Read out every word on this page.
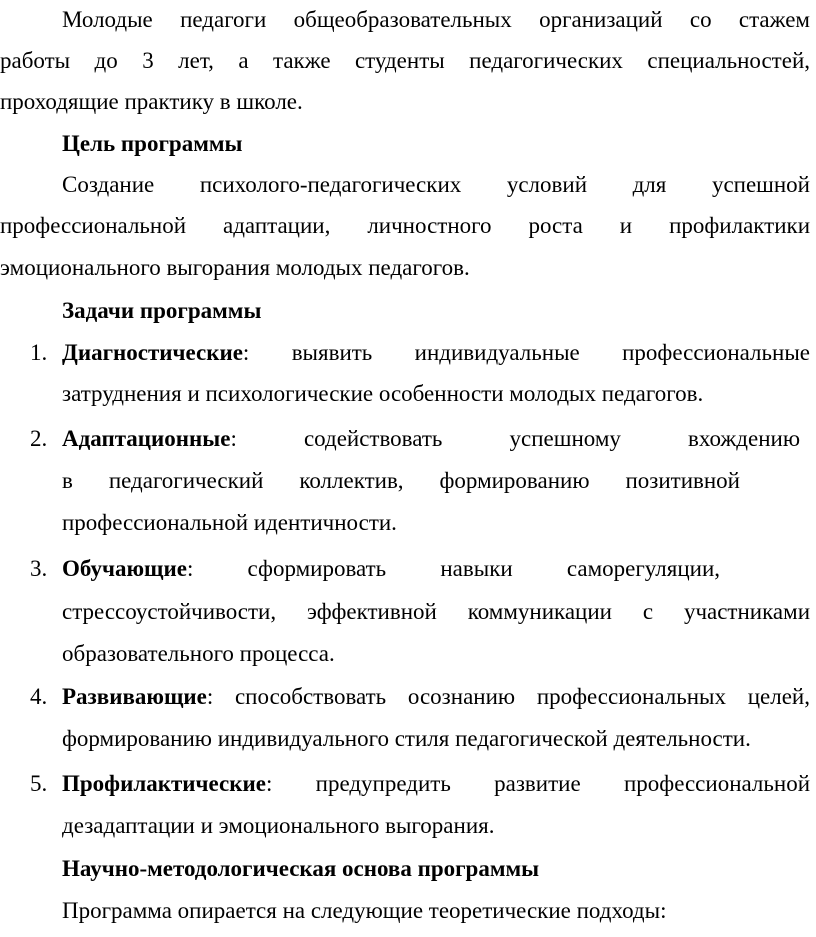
Молодые педагоги общеобразовательных организаций со стажем
работы до 3 лет, а также студенты педагогических специальностей,
проходящие практику в школе.
Цель программы
Создание психолого-педагогических условий для успешной
профессиональной адаптации, личностного роста и профилактики
эмоционального выгорания молодых педагогов.
Задачи программы
1. Диагностические: выявить индивидуальные профессиональные
затруднения и психологические особенности молодых педагогов.
2. Адаптационные: содействовать успешному вхождению
в педагогический коллектив, формированию позитивной
профессиональной идентичности.
3. Обучающие: сформировать навыки саморегуляции,
стрессоустойчивости, эффективной коммуникации с участниками
образовательного процесса.
4. Развивающие: способствовать осознанию профессиональных целей,
формированию индивидуального стиля педагогической деятельности.
5. Профилактические: предупредить развитие профессиональной
дезадаптации и эмоционального выгорания.
Научно-методологическая основа программы
Программа опирается на следующие теоретические подходы:
